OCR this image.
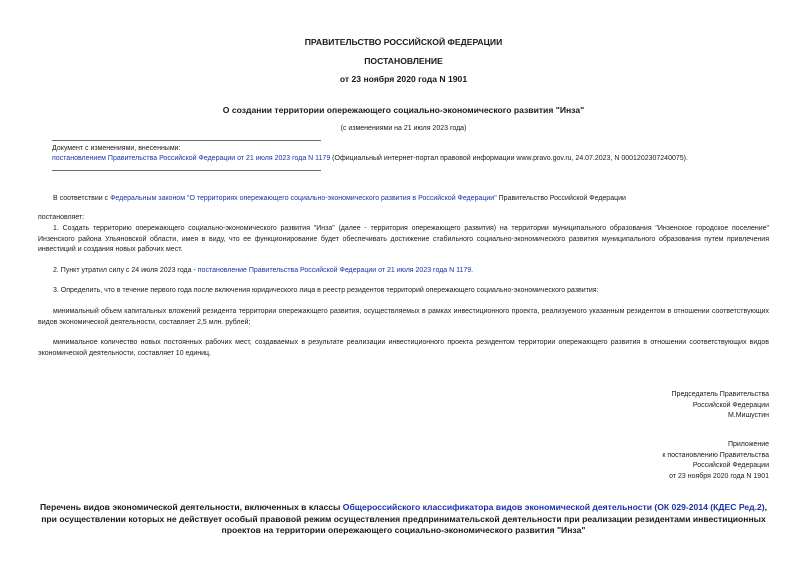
ПРАВИТЕЛЬСТВО РОССИЙСКОЙ ФЕДЕРАЦИИ
ПОСТАНОВЛЕНИЕ
от 23 ноября 2020 года N 1901
О создании территории опережающего социально-экономического развития "Инза"
(с изменениями на 21 июля 2023 года)
Документ с изменениями, внесенными:
постановлением Правительства Российской Федерации от 21 июля 2023 года N 1179 (Официальный интернет-портал правовой информации www.pravo.gov.ru, 24.07.2023, N 0001202307240075).
В соответствии с Федеральным законом "О территориях опережающего социально-экономического развития в Российской Федерации" Правительство Российской Федерации
постановляет:
1. Создать территорию опережающего социально-экономического развития "Инза" (далее - территория опережающего развития) на территории муниципального образования "Инзенское городское поселение" Инзенского района Ульяновской области, имея в виду, что ее функционирование будет обеспечивать достижение стабильного социально-экономического развития муниципального образования путем привлечения инвестиций и создания новых рабочих мест.
2. Пункт утратил силу с 24 июля 2023 года - постановление Правительства Российской Федерации от 21 июля 2023 года N 1179.
3. Определить, что в течение первого года после включения юридического лица в реестр резидентов территорий опережающего социально-экономического развития:
минимальный объем капитальных вложений резидента территории опережающего развития, осуществляемых в рамках инвестиционного проекта, реализуемого указанным резидентом в отношении соответствующих видов экономической деятельности, составляет 2,5 млн. рублей;
минимальное количество новых постоянных рабочих мест, создаваемых в результате реализации инвестиционного проекта резидентом территории опережающего развития в отношении соответствующих видов экономической деятельности, составляет 10 единиц.
Председатель Правительства
Российской Федерации
М.Мишустин
Приложение
к постановлению Правительства
Российской Федерации
от 23 ноября 2020 года N 1901
Перечень видов экономической деятельности, включенных в классы Общероссийского классификатора видов экономической деятельности (ОК 029-2014 (КДЕС Ред.2), при осуществлении которых не действует особый правовой режим осуществления предпринимательской деятельности при реализации резидентами инвестиционных проектов на территории опережающего социально-экономического развития "Инза"
